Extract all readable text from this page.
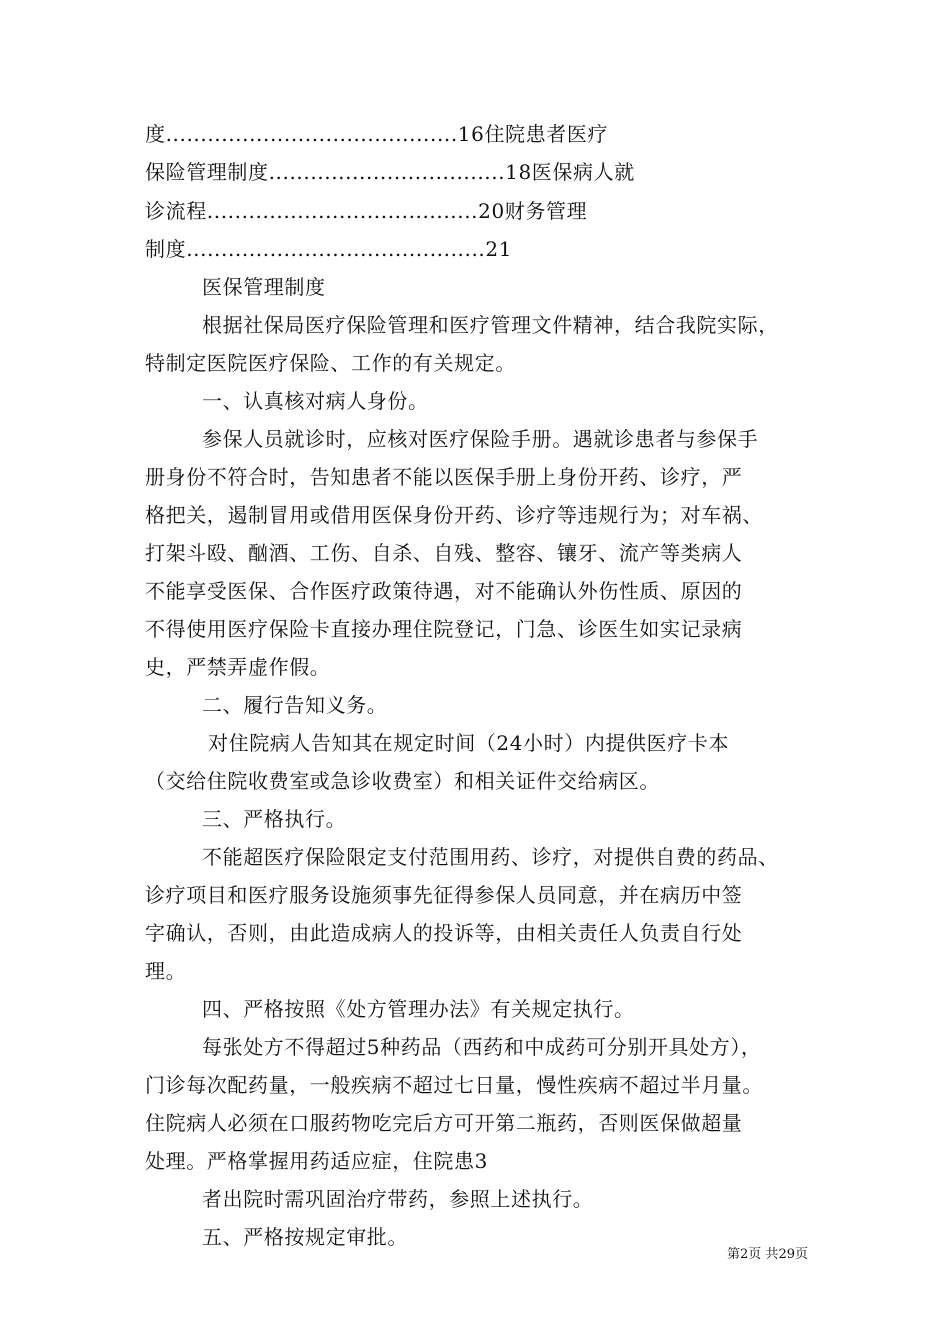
度..........................................16住院患者医疗
保险管理制度..................................18医保病人就
诊流程.......................................20财务管理
制度...........................................21
医保管理制度
根据社保局医疗保险管理和医疗管理文件精神，结合我院实际，
特制定医院医疗保险、工作的有关规定。
一、认真核对病人身份。
参保人员就诊时，应核对医疗保险手册。遇就诊患者与参保手
册身份不符合时，告知患者不能以医保手册上身份开药、诊疗，严
格把关，遏制冒用或借用医保身份开药、诊疗等违规行为；对车祸、
打架斗殴、酗酒、工伤、自杀、自残、整容、镶牙、流产等类病人
不能享受医保、合作医疗政策待遇，对不能确认外伤性质、原因的
不得使用医疗保险卡直接办理住院登记，门急、诊医生如实记录病
史，严禁弄虚作假。
二、履行告知义务。
对住院病人告知其在规定时间（24小时）内提供医疗卡本
（交给住院收费室或急诊收费室）和相关证件交给病区。
三、严格执行。
不能超医疗保险限定支付范围用药、诊疗，对提供自费的药品、
诊疗项目和医疗服务设施须事先征得参保人员同意，并在病历中签
字确认，否则，由此造成病人的投诉等，由相关责任人负责自行处
理。
四、严格按照《处方管理办法》有关规定执行。
每张处方不得超过5种药品（西药和中成药可分别开具处方），
门诊每次配药量，一般疾病不超过七日量，慢性疾病不超过半月量。
住院病人必须在口服药物吃完后方可开第二瓶药，否则医保做超量
处理。严格掌握用药适应症，住院患3
者出院时需巩固治疗带药，参照上述执行。
五、严格按规定审批。
第2页 共29页
